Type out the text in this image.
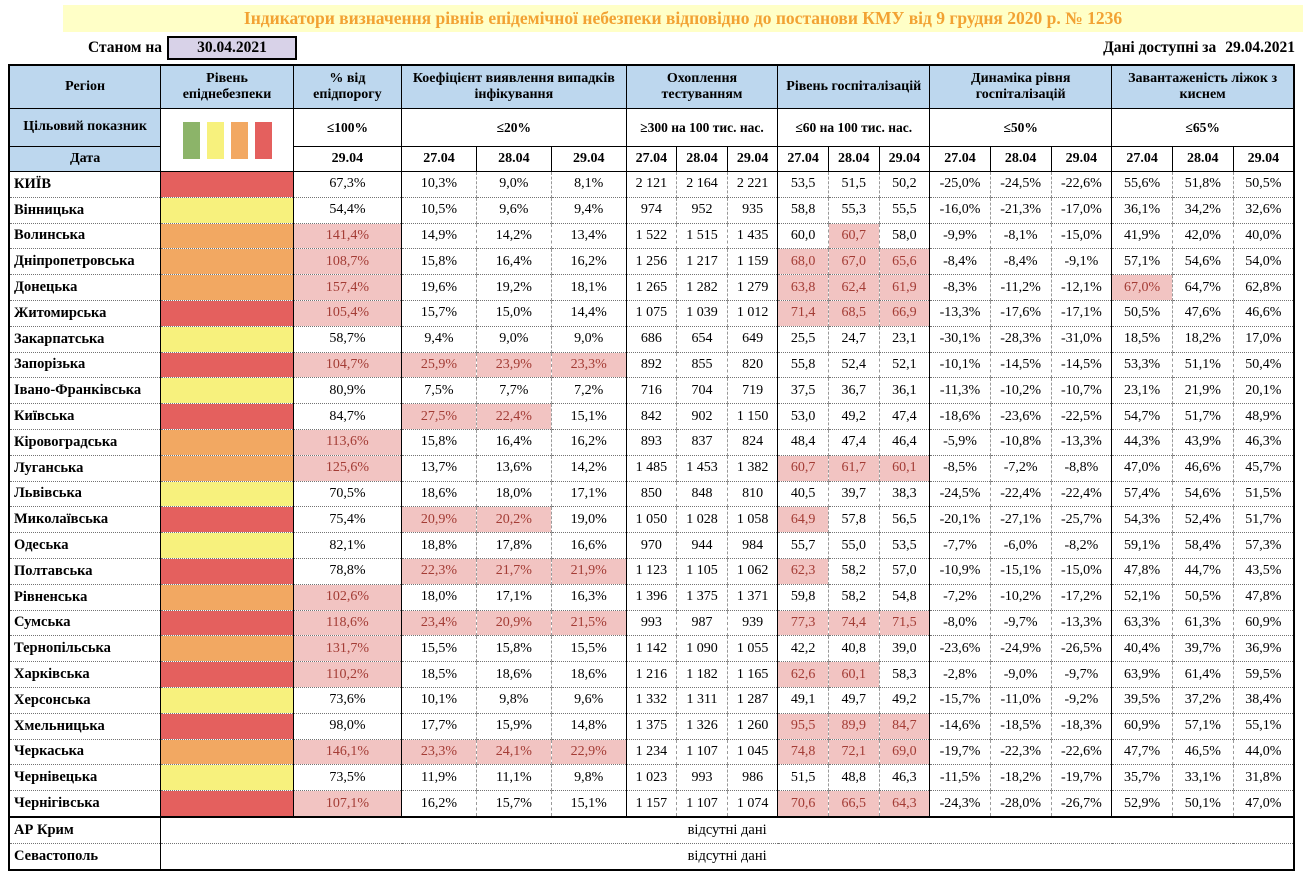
Індикатори визначення рівнів епідемічної небезпеки відповідно до постанови КМУ від 9 грудня 2020 р. № 1236
Станом на	30.04.2021	Дані доступні за 29.04.2021
Регіон	Рівень епіднебезпеки	% від епідпорогу	Коефіцієнт виявлення випадків інфікування			Охоплення тестуванням			Рівень госпіталізацій			Динаміка рівня госпіталізацій			Завантаженість ліжок з киснем		
Цільовий показник		≤100%	≤20%			≥300 на 100 тис. нас.			≤60 на 100 тис. нас.			≤50%			≤65%		
Дата		29.04	27.04	28.04	29.04	27.04	28.04	29.04	27.04	28.04	29.04	27.04	28.04	29.04	27.04	28.04	29.04
КИЇВ		67,3%	10,3%	9,0%	8,1%	2 121	2 164	2 221	53,5	51,5	50,2	-25,0%	-24,5%	-22,6%	55,6%	51,8%	50,5%
Вінницька		54,4%	10,5%	9,6%	9,4%	974	952	935	58,8	55,3	55,5	-16,0%	-21,3%	-17,0%	36,1%	34,2%	32,6%
Волинська		141,4%	14,9%	14,2%	13,4%	1 522	1 515	1 435	60,0	60,7	58,0	-9,9%	-8,1%	-15,0%	41,9%	42,0%	40,0%
Дніпропетровська		108,7%	15,8%	16,4%	16,2%	1 256	1 217	1 159	68,0	67,0	65,6	-8,4%	-8,4%	-9,1%	57,1%	54,6%	54,0%
Донецька		157,4%	19,6%	19,2%	18,1%	1 265	1 282	1 279	63,8	62,4	61,9	-8,3%	-11,2%	-12,1%	67,0%	64,7%	62,8%
Житомирська		105,4%	15,7%	15,0%	14,4%	1 075	1 039	1 012	71,4	68,5	66,9	-13,3%	-17,6%	-17,1%	50,5%	47,6%	46,6%
Закарпатська		58,7%	9,4%	9,0%	9,0%	686	654	649	25,5	24,7	23,1	-30,1%	-28,3%	-31,0%	18,5%	18,2%	17,0%
Запорізька		104,7%	25,9%	23,9%	23,3%	892	855	820	55,8	52,4	52,1	-10,1%	-14,5%	-14,5%	53,3%	51,1%	50,4%
Івано-Франківська		80,9%	7,5%	7,7%	7,2%	716	704	719	37,5	36,7	36,1	-11,3%	-10,2%	-10,7%	23,1%	21,9%	20,1%
Київська		84,7%	27,5%	22,4%	15,1%	842	902	1 150	53,0	49,2	47,4	-18,6%	-23,6%	-22,5%	54,7%	51,7%	48,9%
Кіровоградська		113,6%	15,8%	16,4%	16,2%	893	837	824	48,4	47,4	46,4	-5,9%	-10,8%	-13,3%	44,3%	43,9%	46,3%
Луганська		125,6%	13,7%	13,6%	14,2%	1 485	1 453	1 382	60,7	61,7	60,1	-8,5%	-7,2%	-8,8%	47,0%	46,6%	45,7%
Львівська		70,5%	18,6%	18,0%	17,1%	850	848	810	40,5	39,7	38,3	-24,5%	-22,4%	-22,4%	57,4%	54,6%	51,5%
Миколаївська		75,4%	20,9%	20,2%	19,0%	1 050	1 028	1 058	64,9	57,8	56,5	-20,1%	-27,1%	-25,7%	54,3%	52,4%	51,7%
Одеська		82,1%	18,8%	17,8%	16,6%	970	944	984	55,7	55,0	53,5	-7,7%	-6,0%	-8,2%	59,1%	58,4%	57,3%
Полтавська		78,8%	22,3%	21,7%	21,9%	1 123	1 105	1 062	62,3	58,2	57,0	-10,9%	-15,1%	-15,0%	47,8%	44,7%	43,5%
Рівненська		102,6%	18,0%	17,1%	16,3%	1 396	1 375	1 371	59,8	58,2	54,8	-7,2%	-10,2%	-17,2%	52,1%	50,5%	47,8%
Сумська		118,6%	23,4%	20,9%	21,5%	993	987	939	77,3	74,4	71,5	-8,0%	-9,7%	-13,3%	63,3%	61,3%	60,9%
Тернопільська		131,7%	15,5%	15,8%	15,5%	1 142	1 090	1 055	42,2	40,8	39,0	-23,6%	-24,9%	-26,5%	40,4%	39,7%	36,9%
Харківська		110,2%	18,5%	18,6%	18,6%	1 216	1 182	1 165	62,6	60,1	58,3	-2,8%	-9,0%	-9,7%	63,9%	61,4%	59,5%
Херсонська		73,6%	10,1%	9,8%	9,6%	1 332	1 311	1 287	49,1	49,7	49,2	-15,7%	-11,0%	-9,2%	39,5%	37,2%	38,4%
Хмельницька		98,0%	17,7%	15,9%	14,8%	1 375	1 326	1 260	95,5	89,9	84,7	-14,6%	-18,5%	-18,3%	60,9%	57,1%	55,1%
Черкаська		146,1%	23,3%	24,1%	22,9%	1 234	1 107	1 045	74,8	72,1	69,0	-19,7%	-22,3%	-22,6%	47,7%	46,5%	44,0%
Чернівецька		73,5%	11,9%	11,1%	9,8%	1 023	993	986	51,5	48,8	46,3	-11,5%	-18,2%	-19,7%	35,7%	33,1%	31,8%
Чернігівська		107,1%	16,2%	15,7%	15,1%	1 157	1 107	1 074	70,6	66,5	64,3	-24,3%	-28,0%	-26,7%	52,9%	50,1%	47,0%
АР Крим	відсутні дані																
Севастополь	відсутні дані																
